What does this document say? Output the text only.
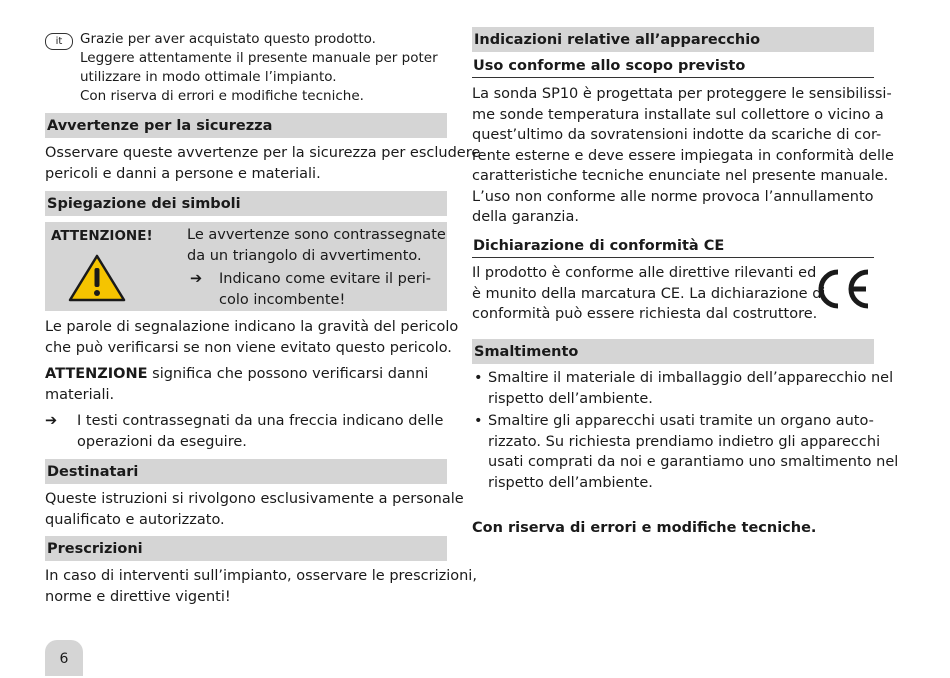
it	Grazie per aver acquistato questo prodotto.
Leggere attentamente il presente manuale per poter
utilizzare in modo ottimale l’impianto.
Con riserva di errori e modifiche tecniche.
Avvertenze per la sicurezza

Osservare queste avvertenze per la sicurezza per escludere
pericoli e danni a persone e materiali.

Spiegazione dei simboli
ATTENZIONE! Le avvertenze sono contrassegnate
da un triangolo di avvertimento.
➔ Indicano come evitare il peri-
colo incombente!

Le parole di segnalazione indicano la gravità del pericolo
che può verificarsi se non viene evitato questo pericolo.

ATTENZIONE significa che possono verificarsi danni
materiali.

➔ I testi contrassegnati da una freccia indicano delle
operazioni da eseguire.
Destinatari

Queste istruzioni si rivolgono esclusivamente a personale
qualificato e autorizzato.

Prescrizioni

In caso di interventi sull’impianto, osservare le prescrizioni,
norme e direttive vigenti!

Indicazioni relative all’apparecchio
Uso conforme allo scopo previsto

La sonda SP10 è progettata per proteggere le sensibilissi-
me sonde temperatura installate sul collettore o vicino a
quest’ultimo da sovratensioni indotte da scariche di cor-
rente esterne e deve essere impiegata in conformità delle
caratteristiche tecniche enunciate nel presente manuale.
L’uso non conforme alle norme provoca l’annullamento
della garanzia.

Dichiarazione di conformità CE

Il prodotto è conforme alle direttive rilevanti ed
è munito della marcatura CE. La dichiarazione di
conformità può essere richiesta dal costruttore.

Smaltimento
• Smaltire il materiale di imballaggio dell’apparecchio nel
rispetto dell’ambiente.
• Smaltire gli apparecchi usati tramite un organo auto-
rizzato. Su richiesta prendiamo indietro gli apparecchi
usati comprati da noi e garantiamo uno smaltimento nel
rispetto dell’ambiente.
Con riserva di errori e modifiche tecniche.
6
